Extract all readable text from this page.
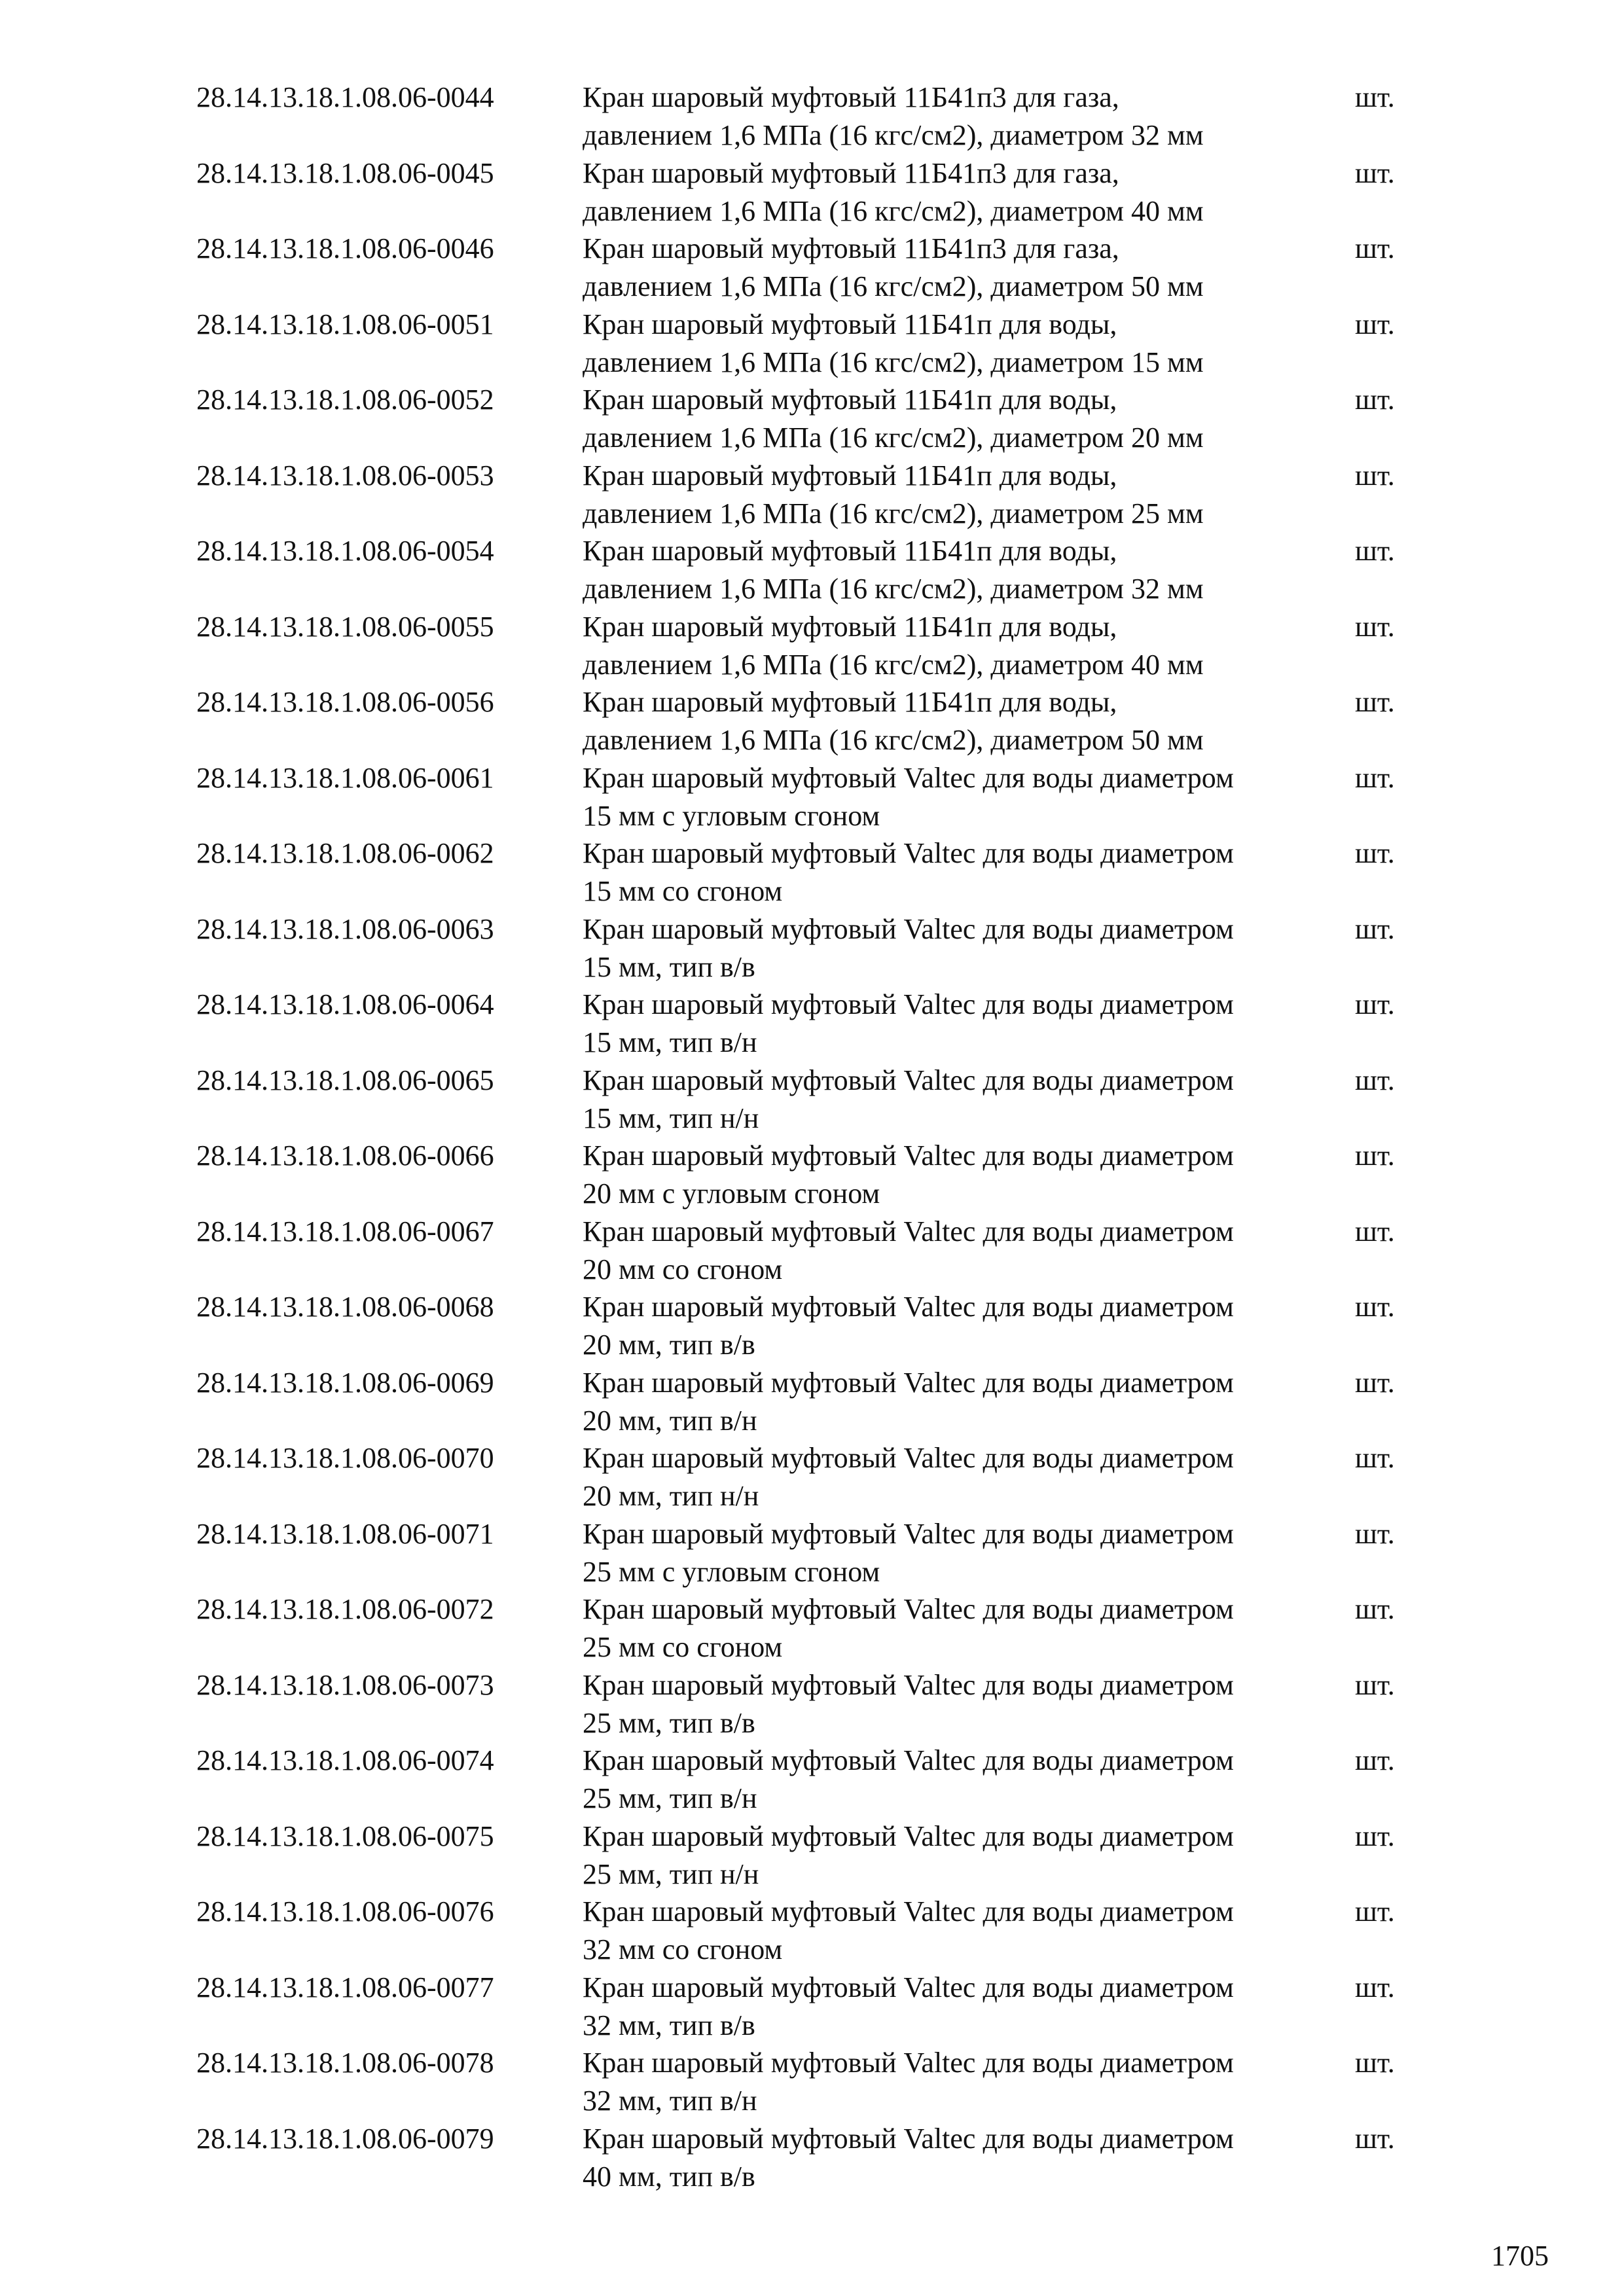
28.14.13.18.1.08.06-0044	Кран шаровый муфтовый 11Б41п3 для газа,
давлением 1,6 МПа (16 кгс/см2), диаметром 32 мм
шт.
28.14.13.18.1.08.06-0045	Кран шаровый муфтовый 11Б41п3 для газа,
давлением 1,6 МПа (16 кгс/см2), диаметром 40 мм
шт.
28.14.13.18.1.08.06-0046	Кран шаровый муфтовый 11Б41п3 для газа,
давлением 1,6 МПа (16 кгс/см2), диаметром 50 мм
шт.
28.14.13.18.1.08.06-0051	Кран шаровый муфтовый 11Б41п для воды,
давлением 1,6 МПа (16 кгс/см2), диаметром 15 мм
шт.
28.14.13.18.1.08.06-0052	Кран шаровый муфтовый 11Б41п для воды,
давлением 1,6 МПа (16 кгс/см2), диаметром 20 мм
шт.
28.14.13.18.1.08.06-0053	Кран шаровый муфтовый 11Б41п для воды,
давлением 1,6 МПа (16 кгс/см2), диаметром 25 мм
шт.
28.14.13.18.1.08.06-0054	Кран шаровый муфтовый 11Б41п для воды,
давлением 1,6 МПа (16 кгс/см2), диаметром 32 мм
шт.
28.14.13.18.1.08.06-0055	Кран шаровый муфтовый 11Б41п для воды,
давлением 1,6 МПа (16 кгс/см2), диаметром 40 мм
шт.
28.14.13.18.1.08.06-0056	Кран шаровый муфтовый 11Б41п для воды,
давлением 1,6 МПа (16 кгс/см2), диаметром 50 мм
шт.
28.14.13.18.1.08.06-0061	Кран шаровый муфтовый Valtec для воды диаметром
15 мм с угловым сгоном
шт.
28.14.13.18.1.08.06-0062	Кран шаровый муфтовый Valtec для воды диаметром
15 мм со сгоном
шт.
28.14.13.18.1.08.06-0063	Кран шаровый муфтовый Valtec для воды диаметром
15 мм, тип в/в
шт.
28.14.13.18.1.08.06-0064	Кран шаровый муфтовый Valtec для воды диаметром
15 мм, тип в/н
шт.
28.14.13.18.1.08.06-0065	Кран шаровый муфтовый Valtec для воды диаметром
15 мм, тип н/н
шт.
28.14.13.18.1.08.06-0066	Кран шаровый муфтовый Valtec для воды диаметром
20 мм с угловым сгоном
шт.
28.14.13.18.1.08.06-0067	Кран шаровый муфтовый Valtec для воды диаметром
20 мм со сгоном
шт.
28.14.13.18.1.08.06-0068	Кран шаровый муфтовый Valtec для воды диаметром
20 мм, тип в/в
шт.
28.14.13.18.1.08.06-0069	Кран шаровый муфтовый Valtec для воды диаметром
20 мм, тип в/н
шт.
28.14.13.18.1.08.06-0070	Кран шаровый муфтовый Valtec для воды диаметром
20 мм, тип н/н
шт.
28.14.13.18.1.08.06-0071	Кран шаровый муфтовый Valtec для воды диаметром
25 мм с угловым сгоном
шт.
28.14.13.18.1.08.06-0072	Кран шаровый муфтовый Valtec для воды диаметром
25 мм со сгоном
шт.
28.14.13.18.1.08.06-0073	Кран шаровый муфтовый Valtec для воды диаметром
25 мм, тип в/в
шт.
28.14.13.18.1.08.06-0074	Кран шаровый муфтовый Valtec для воды диаметром
25 мм, тип в/н
шт.
28.14.13.18.1.08.06-0075	Кран шаровый муфтовый Valtec для воды диаметром
25 мм, тип н/н
шт.
28.14.13.18.1.08.06-0076	Кран шаровый муфтовый Valtec для воды диаметром
32 мм со сгоном
шт.
28.14.13.18.1.08.06-0077	Кран шаровый муфтовый Valtec для воды диаметром
32 мм, тип в/в
шт.
28.14.13.18.1.08.06-0078	Кран шаровый муфтовый Valtec для воды диаметром
32 мм, тип в/н
шт.
28.14.13.18.1.08.06-0079	Кран шаровый муфтовый Valtec для воды диаметром
40 мм, тип в/в
шт.
1705
